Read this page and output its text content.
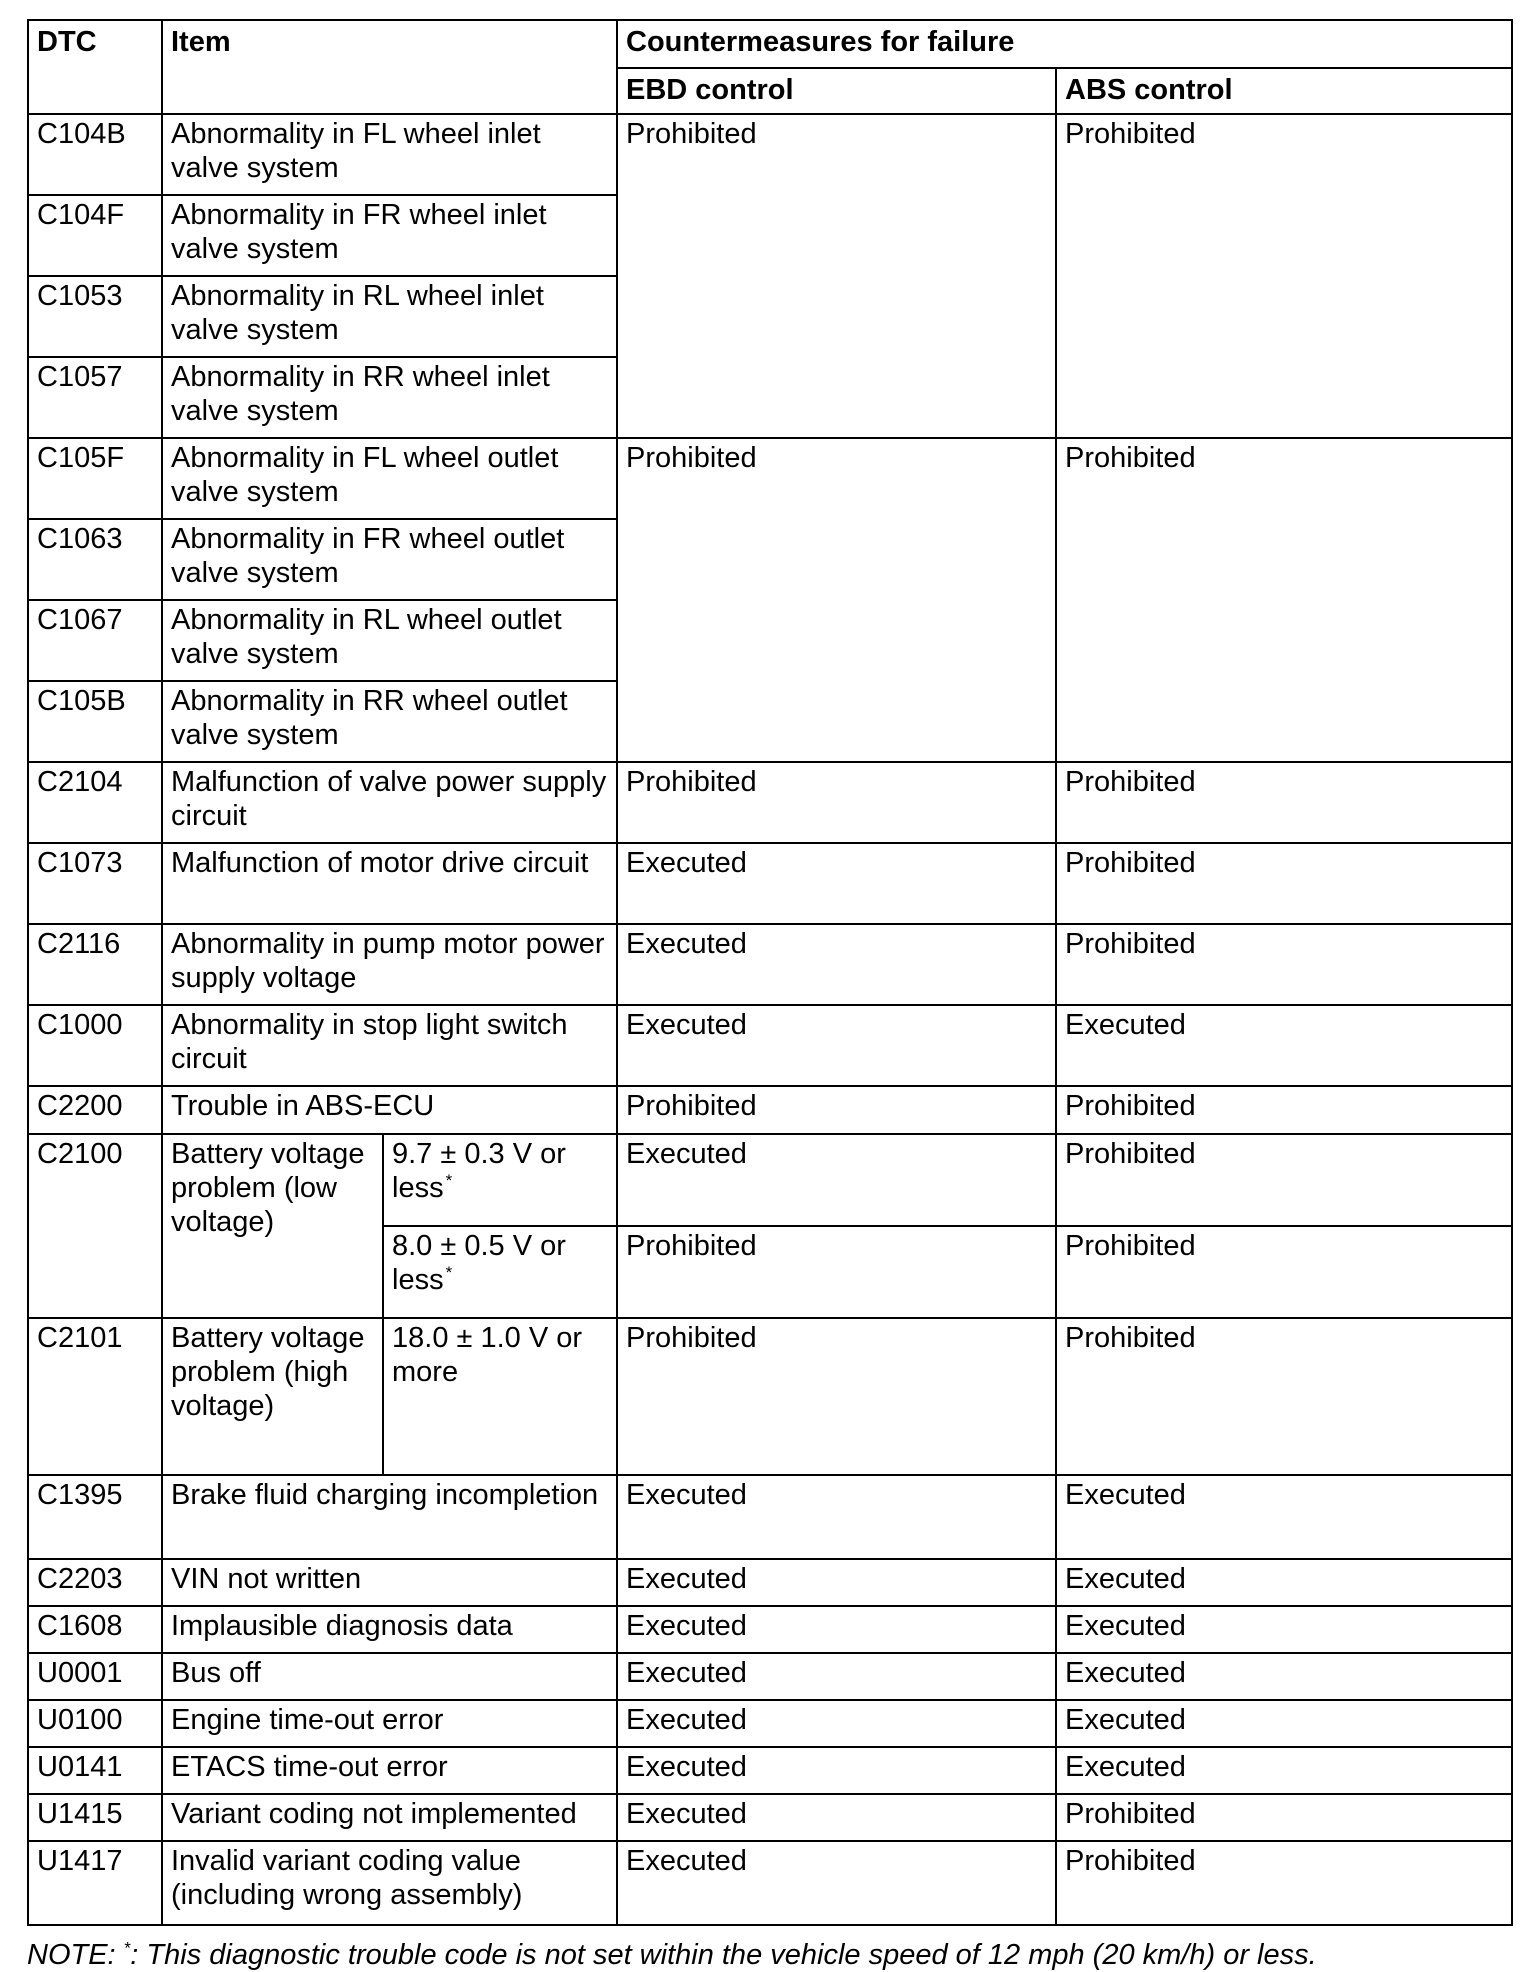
DTC	Item		Countermeasures for failure	
			EBD control	ABS control
C104B	Abnormality in FL wheel inlet valve system		Prohibited	Prohibited
C104F	Abnormality in FR wheel inlet valve system			
C1053	Abnormality in RL wheel inlet valve system			
C1057	Abnormality in RR wheel inlet valve system			
C105F	Abnormality in FL wheel outlet valve system		Prohibited	Prohibited
C1063	Abnormality in FR wheel outlet valve system			
C1067	Abnormality in RL wheel outlet valve system			
C105B	Abnormality in RR wheel outlet valve system			
C2104	Malfunction of valve power supply circuit		Prohibited	Prohibited
C1073	Malfunction of motor drive circuit		Executed	Prohibited
C2116	Abnormality in pump motor power supply voltage		Executed	Prohibited
C1000	Abnormality in stop light switch circuit		Executed	Executed
C2200	Trouble in ABS-ECU		Prohibited	Prohibited
C2100	Battery voltage problem (low voltage)	9.7 ± 0.3 V or less *	Executed	Prohibited
		8.0 ± 0.5 V or less *	Prohibited	Prohibited
C2101	Battery voltage problem (high voltage)	18.0 ± 1.0 V or more	Prohibited	Prohibited
C1395	Brake fluid charging incompletion		Executed	Executed
C2203	VIN not written		Executed	Executed
C1608	Implausible diagnosis data		Executed	Executed
U0001	Bus off		Executed	Executed
U0100	Engine time-out error		Executed	Executed
U0141	ETACS time-out error		Executed	Executed
U1415	Variant coding not implemented		Executed	Prohibited
U1417	Invalid variant coding value (including wrong assembly)		Executed	Prohibited
NOTE: *: This diagnostic trouble code is not set within the vehicle speed of 12 mph (20 km/h) or less.
